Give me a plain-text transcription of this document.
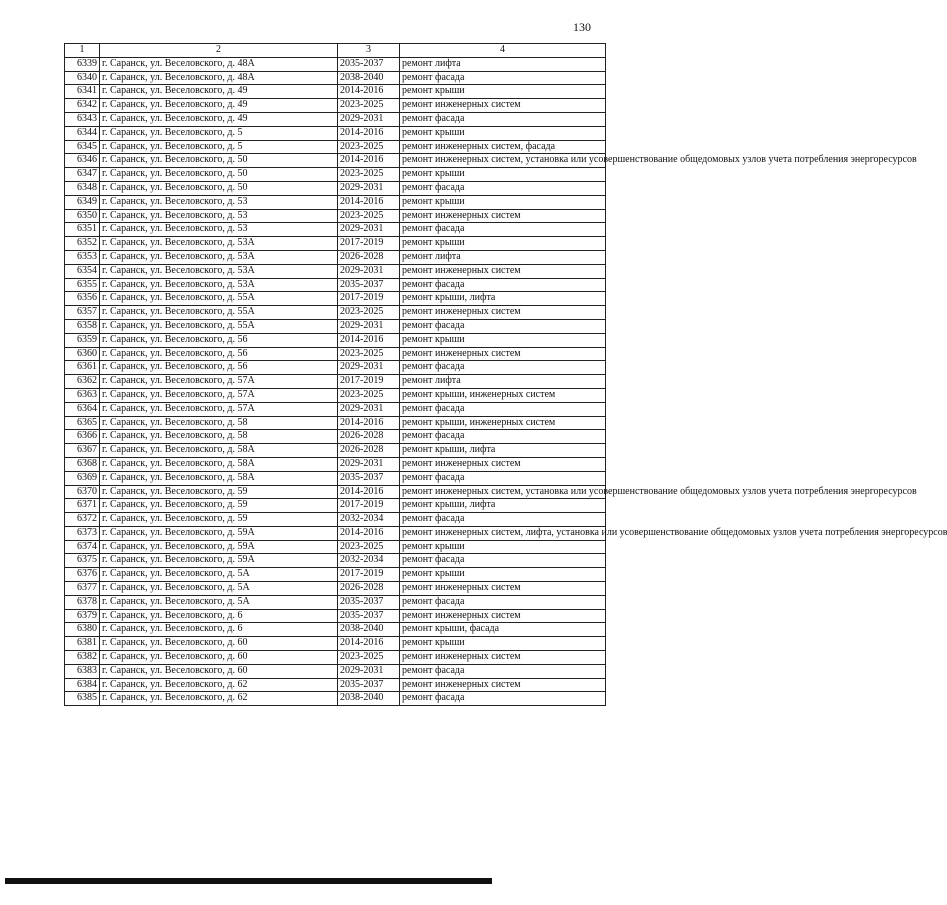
130
1	2	3	4
6339	г. Саранск, ул. Веселовского, д. 48А	2035-2037	ремонт лифта
6340	г. Саранск, ул. Веселовского, д. 48А	2038-2040	ремонт фасада
6341	г. Саранск, ул. Веселовского, д. 49	2014-2016	ремонт крыши
6342	г. Саранск, ул. Веселовского, д. 49	2023-2025	ремонт инженерных систем
6343	г. Саранск, ул. Веселовского, д. 49	2029-2031	ремонт фасада
6344	г. Саранск, ул. Веселовского, д. 5	2014-2016	ремонт крыши
6345	г. Саранск, ул. Веселовского, д. 5	2023-2025	ремонт инженерных систем, фасада
6346	г. Саранск, ул. Веселовского, д. 50	2014-2016	ремонт инженерных систем, установка или усовершенствование общедомовых узлов учета потребления энергоресурсов
6347	г. Саранск, ул. Веселовского, д. 50	2023-2025	ремонт крыши
6348	г. Саранск, ул. Веселовского, д. 50	2029-2031	ремонт фасада
6349	г. Саранск, ул. Веселовского, д. 53	2014-2016	ремонт крыши
6350	г. Саранск, ул. Веселовского, д. 53	2023-2025	ремонт инженерных систем
6351	г. Саранск, ул. Веселовского, д. 53	2029-2031	ремонт фасада
6352	г. Саранск, ул. Веселовского, д. 53А	2017-2019	ремонт крыши
6353	г. Саранск, ул. Веселовского, д. 53А	2026-2028	ремонт лифта
6354	г. Саранск, ул. Веселовского, д. 53А	2029-2031	ремонт инженерных систем
6355	г. Саранск, ул. Веселовского, д. 53А	2035-2037	ремонт фасада
6356	г. Саранск, ул. Веселовского, д. 55А	2017-2019	ремонт крыши, лифта
6357	г. Саранск, ул. Веселовского, д. 55А	2023-2025	ремонт инженерных систем
6358	г. Саранск, ул. Веселовского, д. 55А	2029-2031	ремонт фасада
6359	г. Саранск, ул. Веселовского, д. 56	2014-2016	ремонт крыши
6360	г. Саранск, ул. Веселовского, д. 56	2023-2025	ремонт инженерных систем
6361	г. Саранск, ул. Веселовского, д. 56	2029-2031	ремонт фасада
6362	г. Саранск, ул. Веселовского, д. 57А	2017-2019	ремонт лифта
6363	г. Саранск, ул. Веселовского, д. 57А	2023-2025	ремонт крыши, инженерных систем
6364	г. Саранск, ул. Веселовского, д. 57А	2029-2031	ремонт фасада
6365	г. Саранск, ул. Веселовского, д. 58	2014-2016	ремонт крыши, инженерных систем
6366	г. Саранск, ул. Веселовского, д. 58	2026-2028	ремонт фасада
6367	г. Саранск, ул. Веселовского, д. 58А	2026-2028	ремонт крыши, лифта
6368	г. Саранск, ул. Веселовского, д. 58А	2029-2031	ремонт инженерных систем
6369	г. Саранск, ул. Веселовского, д. 58А	2035-2037	ремонт фасада
6370	г. Саранск, ул. Веселовского, д. 59	2014-2016	ремонт инженерных систем, установка или усовершенствование общедомовых узлов учета потребления энергоресурсов
6371	г. Саранск, ул. Веселовского, д. 59	2017-2019	ремонт крыши, лифта
6372	г. Саранск, ул. Веселовского, д. 59	2032-2034	ремонт фасада
6373	г. Саранск, ул. Веселовского, д. 59А	2014-2016	ремонт инженерных систем, лифта, установка или усовершенствование общедомовых узлов учета потребления энергоресурсов
6374	г. Саранск, ул. Веселовского, д. 59А	2023-2025	ремонт крыши
6375	г. Саранск, ул. Веселовского, д. 59А	2032-2034	ремонт фасада
6376	г. Саранск, ул. Веселовского, д. 5А	2017-2019	ремонт крыши
6377	г. Саранск, ул. Веселовского, д. 5А	2026-2028	ремонт инженерных систем
6378	г. Саранск, ул. Веселовского, д. 5А	2035-2037	ремонт фасада
6379	г. Саранск, ул. Веселовского, д. 6	2035-2037	ремонт инженерных систем
6380	г. Саранск, ул. Веселовского, д. 6	2038-2040	ремонт крыши, фасада
6381	г. Саранск, ул. Веселовского, д. 60	2014-2016	ремонт крыши
6382	г. Саранск, ул. Веселовского, д. 60	2023-2025	ремонт инженерных систем
6383	г. Саранск, ул. Веселовского, д. 60	2029-2031	ремонт фасада
6384	г. Саранск, ул. Веселовского, д. 62	2035-2037	ремонт инженерных систем
6385	г. Саранск, ул. Веселовского, д. 62	2038-2040	ремонт фасада
